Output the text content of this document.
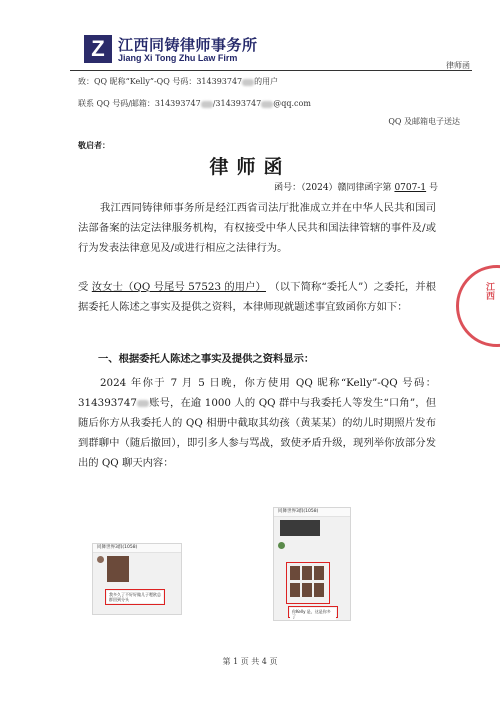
Z 江西同铸律师事务所
Jiang Xi Tong Zhu Law Firm
律师函
致：QQ 昵称“Kelly”-QQ 号码：314393747 的用户
联系 QQ 号码/邮箱：314393747 /314393747 @qq.com
QQ 及邮箱电子送达
敬启者：
律师函
函号：（2024）赣同律函字第 0707-1 号

我江西同铸律师事务所是经江西省司法厅批准成立并在中华人民共和国司法部备案的法定法律服务机构，有权接受中华人民共和国法律管辖的事件及/或行为发表法律意见及/或进行相应之法律行为。

受 汝女士（QQ 号尾号 57523 的用户） （以下简称“委托人”）之委托，并根据委托人陈述之事实及提供之资料，本律师现就题述事宜致函你方如下：

一、根据委托人陈述之事实及提供之资料显示：

2024 年你于 7 月 5 日晚，你方使用 QQ 昵称“Kelly”-QQ 号码：314393747 账号，在逾 1000 人的 QQ 群中与我委托人等发生“口角”，但随后你方从我委托人的 QQ 相册中截取其幼孩（黄某某）的幼儿时期照片发布到群聊中（随后撤回），即引多人参与骂战，致使矛盾升级，现列举你放部分发出的 QQ 聊天内容：

同舞世界3群(1058)
我多久了不好好做儿子嗯欧总群回到分头
同舞世界3群(1058)
你Kelly 是，这是你多了
第 1 页 共 4 页
江西
